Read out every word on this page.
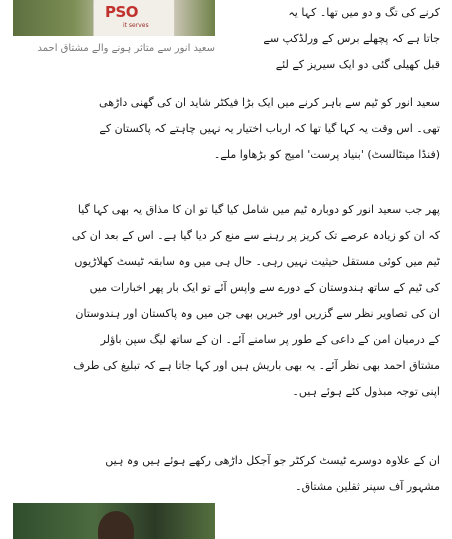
PSO
it serves
سعید انور سے متاثر ہونے والے مشتاق احمد
کرنے کی تگ و دو میں تھا۔ کہا یہ
جاتا ہے کہ پچھلے برس کے ورلڈکپ سے
قبل کھیلی گئی دو ایک سیریز کے لئے
سعید انور کو ٹیم سے باہر کرنے میں ایک بڑا فیکٹر شاید ان کی گھنی داڑھی
تھی۔ اس وقت یہ کہا گیا تھا کہ ارباب اختیار یہ نہیں چاہتے کہ پاکستان کے
(فنڈا مینٹالسٹ) 'بنیاد پرست' امیج کو بڑھاوا ملے۔
پھر جب سعید انور کو دوبارہ ٹیم میں شامل کیا گیا تو ان کا مذاق یہ بھی کہا گیا
کہ ان کو زیادہ عرصے تک کریز پر رہنے سے منع کر دیا گیا ہے۔ اس کے بعد ان کی
ٹیم میں کوئی مستقل حیثیت نہیں رہی۔ حال ہی میں وہ سابقہ ٹیسٹ کھلاڑیوں
کی ٹیم کے ساتھ ہندوستان کے دورے سے واپس آئے تو ایک بار پھر اخبارات میں
ان کی تصاویر نظر سے گزریں اور خبریں بھی جن میں وہ پاکستان اور ہندوستان
کے درمیان امن کے داعی کے طور پر سامنے آئے۔ ان کے ساتھ لیگ سپن باؤلر
مشتاق احمد بھی نظر آئے۔ یہ بھی باریش ہیں اور کہا جاتا ہے کہ تبلیغ کی طرف
اپنی توجہ مبذول کئے ہوئے ہیں۔
ان کے علاوہ دوسرے ٹیسٹ کرکٹر جو آجکل داڑھی رکھے ہوئے ہیں وہ ہیں
مشہور آف سپنر ثقلین مشتاق۔
